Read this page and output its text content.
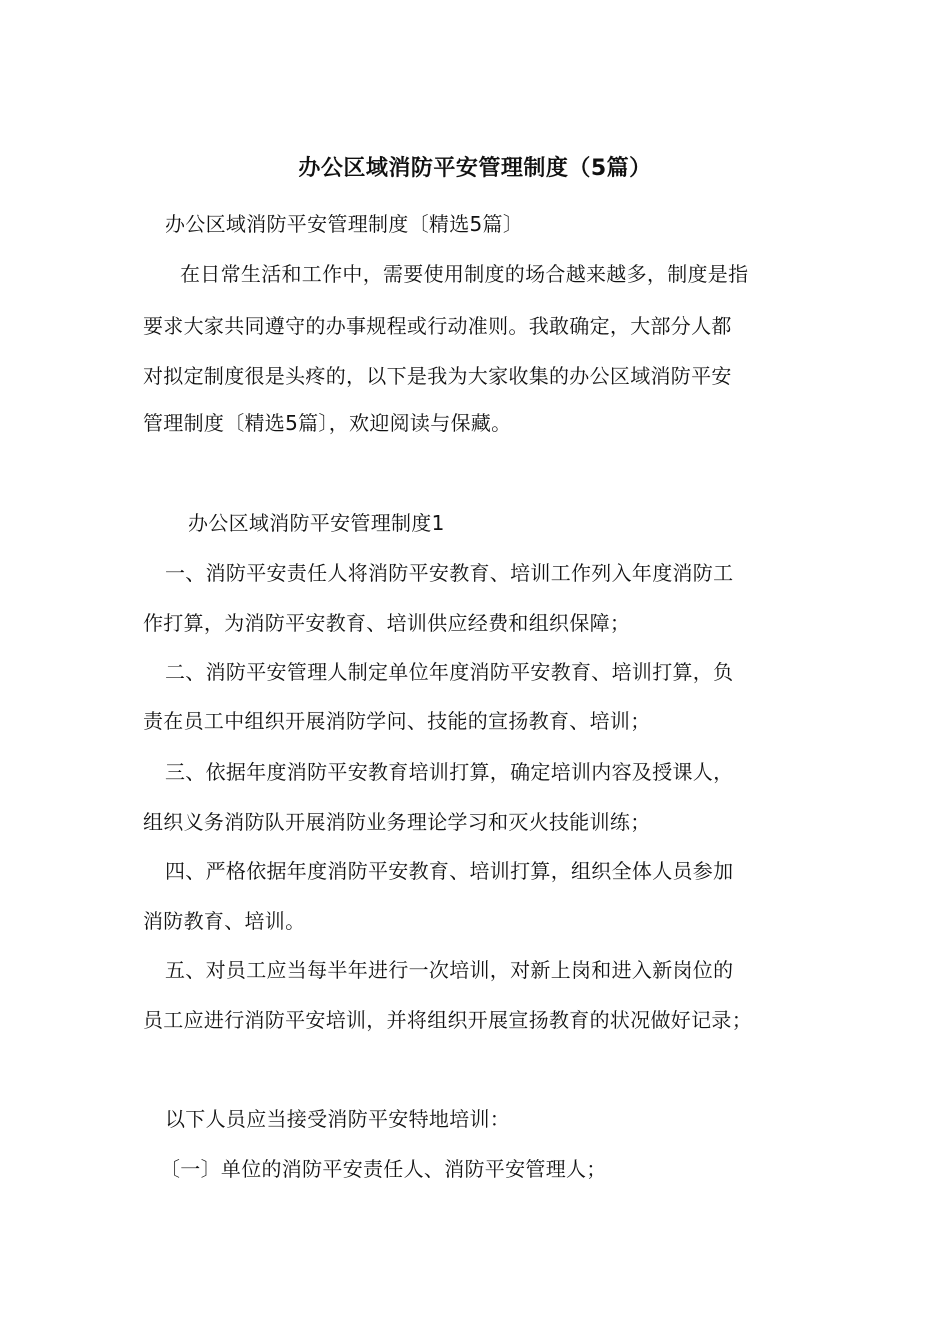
办公区域消防平安管理制度（5篇）
办公区域消防平安管理制度〔精选5篇〕
在日常生活和工作中，需要使用制度的场合越来越多，制度是指
要求大家共同遵守的办事规程或行动准则。我敢确定，大部分人都
对拟定制度很是头疼的，以下是我为大家收集的办公区域消防平安
管理制度〔精选5篇〕，欢迎阅读与保藏。
办公区域消防平安管理制度1
一、消防平安责任人将消防平安教育、培训工作列入年度消防工
作打算，为消防平安教育、培训供应经费和组织保障；
二、消防平安管理人制定单位年度消防平安教育、培训打算，负
责在员工中组织开展消防学问、技能的宣扬教育、培训；
三、依据年度消防平安教育培训打算，确定培训内容及授课人，
组织义务消防队开展消防业务理论学习和灭火技能训练；
四、严格依据年度消防平安教育、培训打算，组织全体人员参加
消防教育、培训。
五、对员工应当每半年进行一次培训，对新上岗和进入新岗位的
员工应进行消防平安培训，并将组织开展宣扬教育的状况做好记录；
以下人员应当接受消防平安特地培训：
〔一〕单位的消防平安责任人、消防平安管理人；
